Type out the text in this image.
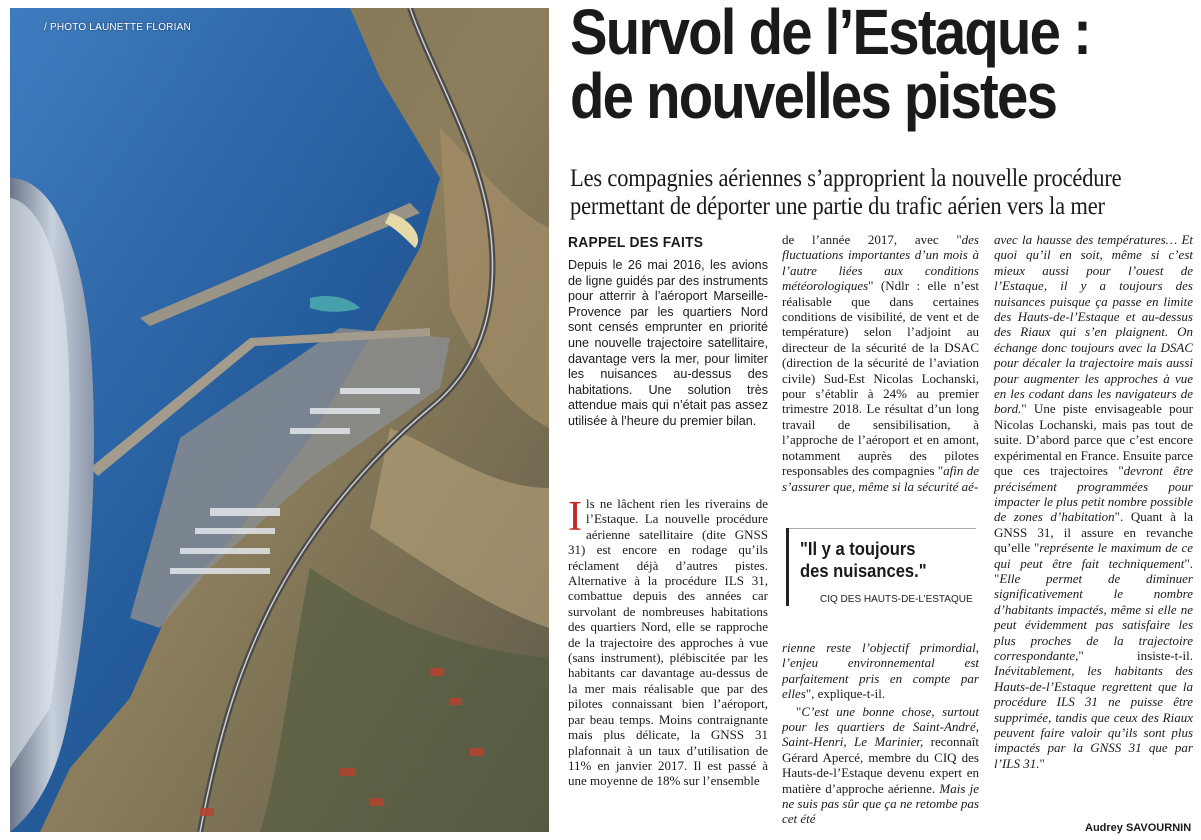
/ PHOTO LAUNETTE FLORIAN	Survol de l’Estaque :
de nouvelles pistes

Les compagnies aériennes s’approprient la nouvelle procédure
permettant de déporter une partie du trafic aérien vers la mer

RAPPEL DES FAITS
Depuis le 26 mai 2016, les avions de ligne guidés par des instruments pour atterrir à l’aéroport Marseille-Provence par les quartiers Nord sont censés emprunter en priorité une nouvelle trajectoire satellitaire, davantage vers la mer, pour limiter les nuisances au-dessus des habitations. Une solution très attendue mais qui n’était pas assez utilisée à l’heure du premier bilan.
I ls ne lâchent rien les riverains de l’Estaque. La nouvelle procédure aérienne satellitaire (dite GNSS 31) est encore en rodage qu’ils réclament déjà d’autres pistes. Alternative à la procédure ILS 31, combattue depuis des années car survolant de nombreuses habitations des quartiers Nord, elle se rapproche de la trajectoire des approches à vue (sans instrument), plébiscitée par les habitants car davantage au-dessus de la mer mais réalisable que par des pilotes connaissant bien l’aéroport, par beau temps. Moins contraignante mais plus délicate, la GNSS 31 plafonnait à un taux d’utilisation de 11% en janvier 2017. Il est passé à une moyenne de 18% sur l’ensemble
de l’année 2017, avec "des fluctuations importantes d’un mois à l’autre liées aux conditions météorologiques" (Ndlr : elle n’est réalisable que dans certaines conditions de visibilité, de vent et de température) selon l’adjoint au directeur de la sécurité de la DSAC (direction de la sécurité de l’aviation civile) Sud-Est Nicolas Lochanski, pour s’établir à 24% au premier trimestre 2018. Le résultat d’un long travail de sensibilisation, à l’approche de l’aéroport et en amont, notamment auprès des pilotes responsables des compagnies "afin de s’assurer que, même si la sécurité aé-

"Il y a toujours
des nuisances."

CIQ DES HAUTS-DE-L’ESTAQUE

rienne reste l’objectif primordial, l’enjeu environnemental est parfaitement pris en compte par elles", explique-t-il.

"C’est une bonne chose, surtout pour les quartiers de Saint-André, Saint-Henri, Le Marinier, reconnaît Gérard Apercé, membre du CIQ des Hauts-de-l’Estaque devenu expert en matière d’approche aérienne. Mais je ne suis pas sûr que ça ne retombe pas cet été

avec la hausse des températures… Et quoi qu’il en soit, même si c’est mieux aussi pour l’ouest de l’Estaque, il y a toujours des nuisances puisque ça passe en limite des Hauts-de-l’Estaque et au-dessus des Riaux qui s’en plaignent. On échange donc toujours avec la DSAC pour décaler la trajectoire mais aussi pour augmenter les approches à vue en les codant dans les navigateurs de bord." Une piste envisageable pour Nicolas Lochanski, mais pas tout de suite. D’abord parce que c’est encore expérimental en France. Ensuite parce que ces trajectoires "devront être précisément programmées pour impacter le plus petit nombre possible de zones d’habitation". Quant à la GNSS 31, il assure en revanche qu’elle "représente le maximum de ce qui peut être fait techniquement". "Elle permet de diminuer significativement le nombre d’habitants impactés, même si elle ne peut évidemment pas satisfaire les plus proches de la trajectoire correspondante," insiste-t-il. Inévitablement, les habitants des Hauts-de-l’Estaque regrettent que la procédure ILS 31 ne puisse être supprimée, tandis que ceux des Riaux peuvent faire valoir qu’ils sont plus impactés par la GNSS 31 que par l’ILS 31."

Audrey SAVOURNIN
